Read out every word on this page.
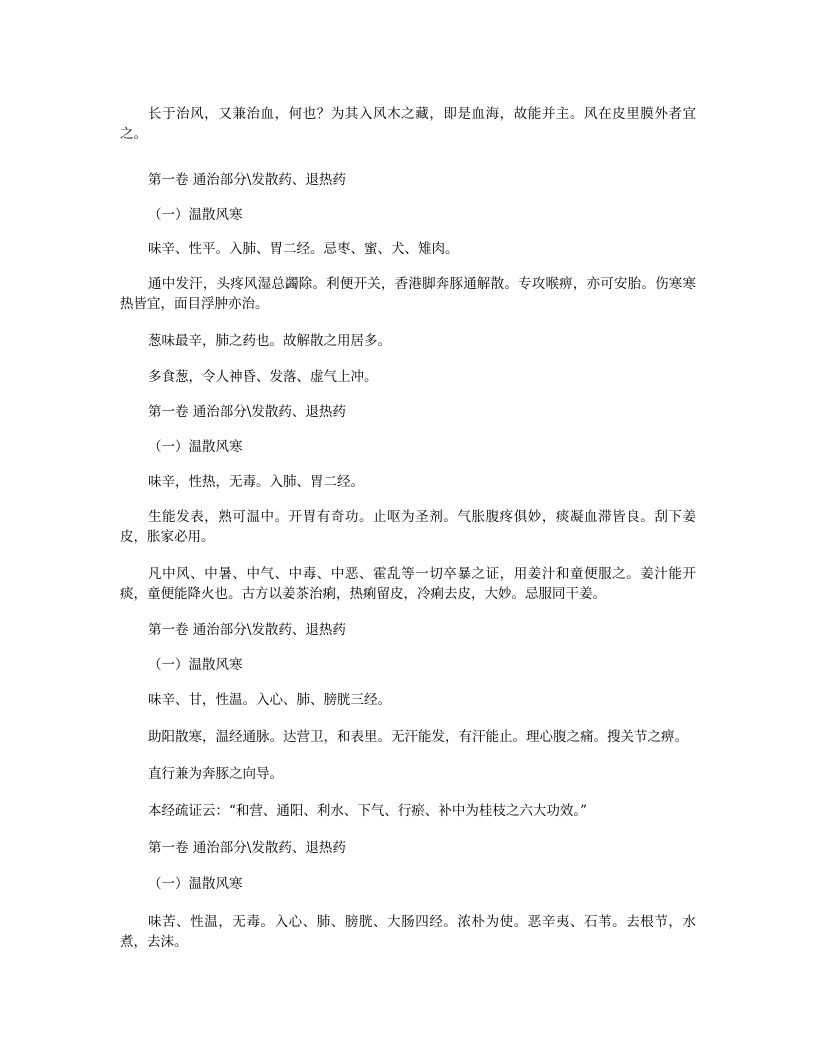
长于治风，又兼治血，何也？为其入风木之藏，即是血海，故能并主。风在皮里膜外者宜之。

第一卷 通治部分\发散药、退热药

（一）温散风寒

味辛、性平。入肺、胃二经。忌枣、蜜、犬、雉肉。

通中发汗，头疼风湿总蠲除。利便开关，香港脚奔豚通解散。专攻喉痹，亦可安胎。伤寒寒热皆宜，面目浮肿亦治。

葱味最辛，肺之药也。故解散之用居多。

多食葱，令人神昏、发落、虚气上冲。

第一卷 通治部分\发散药、退热药

（一）温散风寒

味辛，性热，无毒。入肺、胃二经。

生能发表，熟可温中。开胃有奇功。止呕为圣剂。气胀腹疼俱妙，痰凝血滞皆良。刮下姜皮，胀家必用。

凡中风、中暑、中气、中毒、中恶、霍乱等一切卒暴之证，用姜汁和童便服之。姜汁能开痰，童便能降火也。古方以姜茶治痢，热痢留皮，冷痢去皮，大妙。忌服同干姜。

第一卷 通治部分\发散药、退热药

（一）温散风寒

味辛、甘，性温。入心、肺、膀胱三经。

助阳散寒，温经通脉。达营卫，和表里。无汗能发，有汗能止。理心腹之痛。搜关节之痹。

直行兼为奔豚之向导。

本经疏证云：“和营、通阳、利水、下气、行瘀、补中为桂枝之六大功效。”

第一卷 通治部分\发散药、退热药

（一）温散风寒

味苦、性温，无毒。入心、肺、膀胱、大肠四经。浓朴为使。恶辛夷、石苇。去根节，水煮，去沫。
